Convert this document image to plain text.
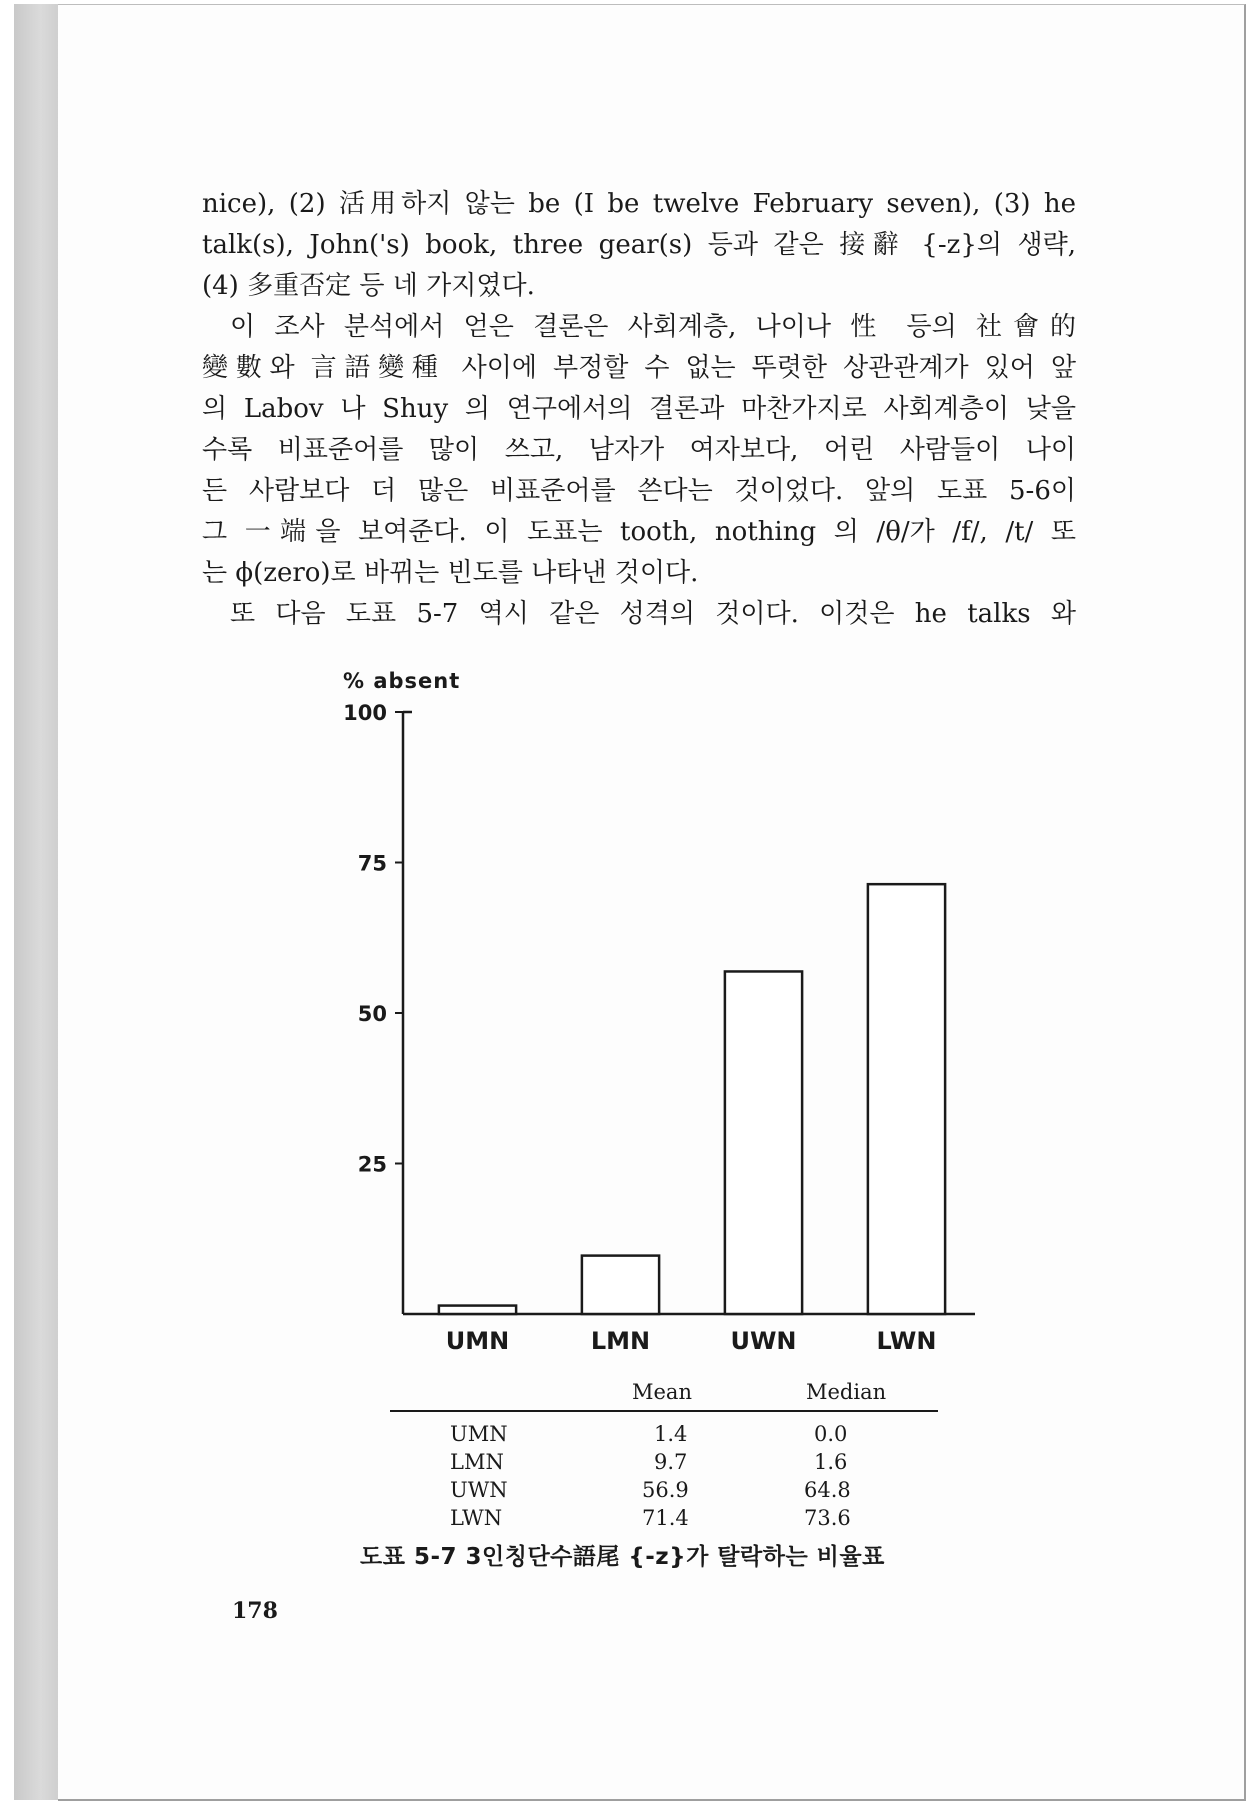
nice), (2) 活用하지 않는 be (I be twelve February seven), (3) he
talk(s), John('s) book, three gear(s) 등과 같은 接辭 {-z}의 생략,
(4) 多重否定 등 네 가지였다.
이 조사 분석에서 얻은 결론은 사회계층, 나이나 性 등의 社會的
變數와 言語變種 사이에 부정할 수 없는 뚜렷한 상관관계가 있어 앞
의 Labov 나 Shuy 의 연구에서의 결론과 마찬가지로 사회계층이 낮을
수록 비표준어를 많이 쓰고, 남자가 여자보다, 어린 사람들이 나이
든 사람보다 더 많은 비표준어를 쓴다는 것이었다. 앞의 도표 5-6이
그 一端을 보여준다. 이 도표는 tooth, nothing 의 /θ/가 /f/, /t/ 또
는 ϕ(zero)로 바뀌는 빈도를 나타낸 것이다.
또 다음 도표 5-7 역시 같은 성격의 것이다. 이것은 he talks 와
% absent
100
75
50
25
UMN	LMN	UWN	LWN
Mean	Median
UMN	1.4	0.0
LMN	9.7	1.6
UWN	56.9	64.8
LWN	71.4	73.6
도표 5-7 3인칭단수語尾 {-z}가 탈락하는 비율표
178
